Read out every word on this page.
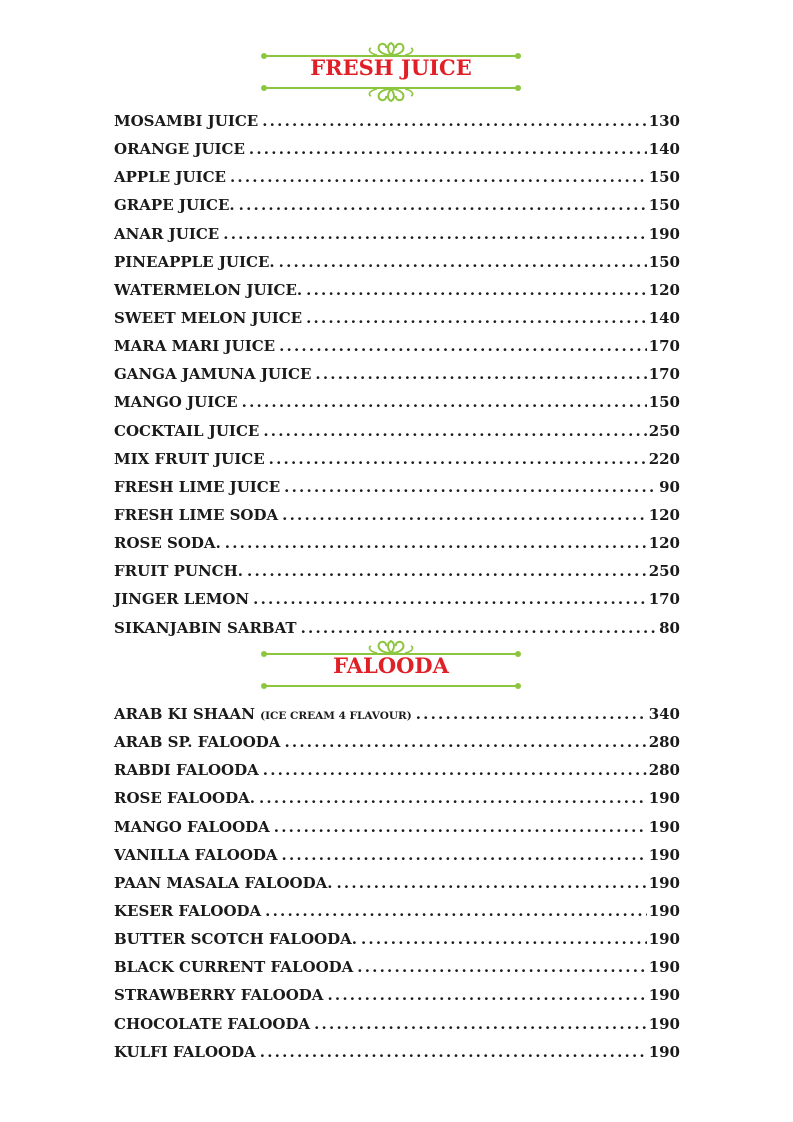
FRESH JUICE
MOSAMBI JUICE . . .	130
ORANGE JUICE . . .	140
APPLE JUICE . . .	150
GRAPE JUICE. . . .	150
ANAR JUICE . . .	190
PINEAPPLE JUICE. . . .	150
WATERMELON JUICE. . . .	120
SWEET MELON JUICE . . .	140
MARA MARI JUICE . . .	170
GANGA JAMUNA JUICE . . .	170
MANGO JUICE . . .	150
COCKTAIL JUICE . . .	250
MIX FRUIT JUICE . . .	220
FRESH LIME JUICE . . .	90
FRESH LIME SODA . . .	120
ROSE SODA. . . .	120
FRUIT PUNCH. . . .	250
JINGER LEMON . . .	170
SIKANJABIN SARBAT . . .	80
FALOODA
ARAB KI SHAAN (ICE CREAM 4 FLAVOUR) . . .	340
ARAB SP. FALOODA . . .	280
RABDI FALOODA . . .	280
ROSE FALOODA. . . .	190
MANGO FALOODA . . .	190
VANILLA FALOODA . . .	190
PAAN MASALA FALOODA. . . .	190
KESER FALOODA . . .	190
BUTTER SCOTCH FALOODA. . . .	190
BLACK CURRENT FALOODA . . .	190
STRAWBERRY FALOODA . . .	190
CHOCOLATE FALOODA . . .	190
KULFI FALOODA . . .	190
